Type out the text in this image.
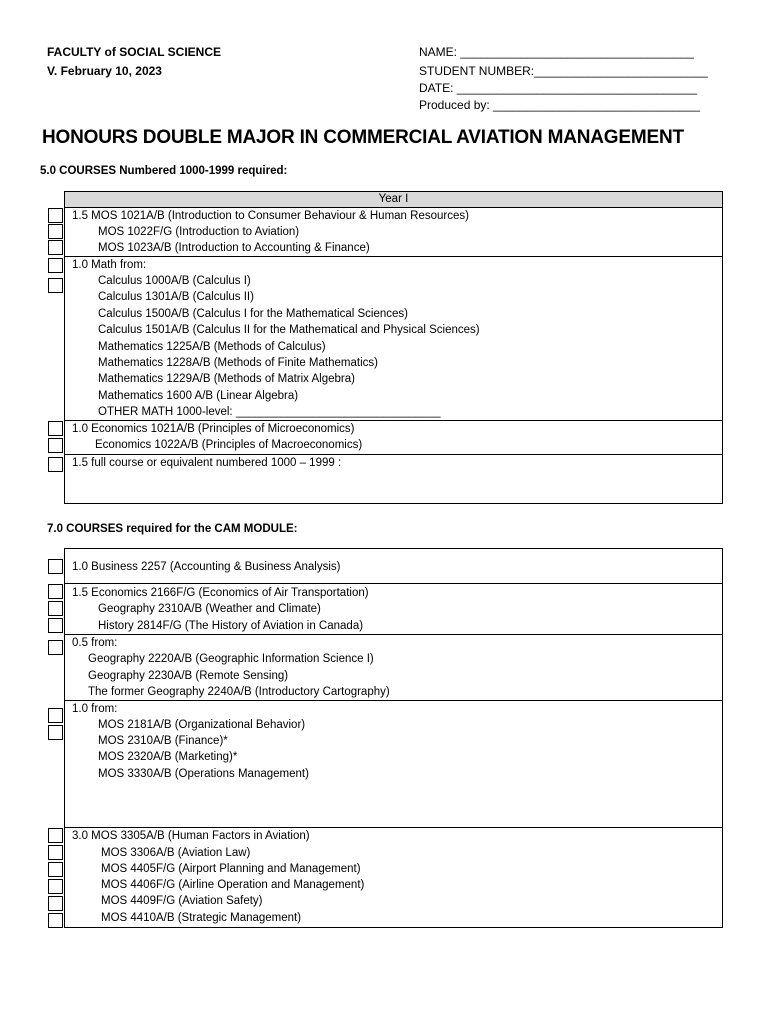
FACULTY of SOCIAL SCIENCE
V. February 10, 2023
NAME: ___________________________________
STUDENT NUMBER:__________________________
DATE: ____________________________________
Produced by: _______________________________
HONOURS DOUBLE MAJOR IN COMMERCIAL AVIATION MANAGEMENT
5.0 COURSES Numbered 1000-1999 required:
Year I
1.5 MOS 1021A/B (Introduction to Consumer Behaviour & Human Resources)
MOS 1022F/G (Introduction to Aviation)
MOS 1023A/B (Introduction to Accounting & Finance)
1.0 Math from:
Calculus 1000A/B (Calculus I)
Calculus 1301A/B (Calculus II)
Calculus 1500A/B (Calculus I for the Mathematical Sciences)
Calculus 1501A/B (Calculus II for the Mathematical and Physical Sciences)
Mathematics 1225A/B (Methods of Calculus)
Mathematics 1228A/B (Methods of Finite Mathematics)
Mathematics 1229A/B (Methods of Matrix Algebra)
Mathematics 1600 A/B (Linear Algebra)
OTHER MATH 1000-level: ________________________________
1.0 Economics 1021A/B (Principles of Microeconomics)
Economics 1022A/B (Principles of Macroeconomics)
1.5 full course or equivalent numbered 1000 – 1999 :
7.0 COURSES required for the CAM MODULE:
1.0 Business 2257 (Accounting & Business Analysis)
1.5 Economics 2166F/G (Economics of Air Transportation)
Geography 2310A/B (Weather and Climate)
History 2814F/G (The History of Aviation in Canada)
0.5 from:
Geography 2220A/B (Geographic Information Science I)
Geography 2230A/B (Remote Sensing)
The former Geography 2240A/B (Introductory Cartography)
1.0 from:
MOS 2181A/B (Organizational Behavior)
MOS 2310A/B (Finance)*
MOS 2320A/B (Marketing)*
MOS 3330A/B (Operations Management)
3.0 MOS 3305A/B (Human Factors in Aviation)
MOS 3306A/B (Aviation Law)
MOS 4405F/G (Airport Planning and Management)
MOS 4406F/G (Airline Operation and Management)
MOS 4409F/G (Aviation Safety)
MOS 4410A/B (Strategic Management)
